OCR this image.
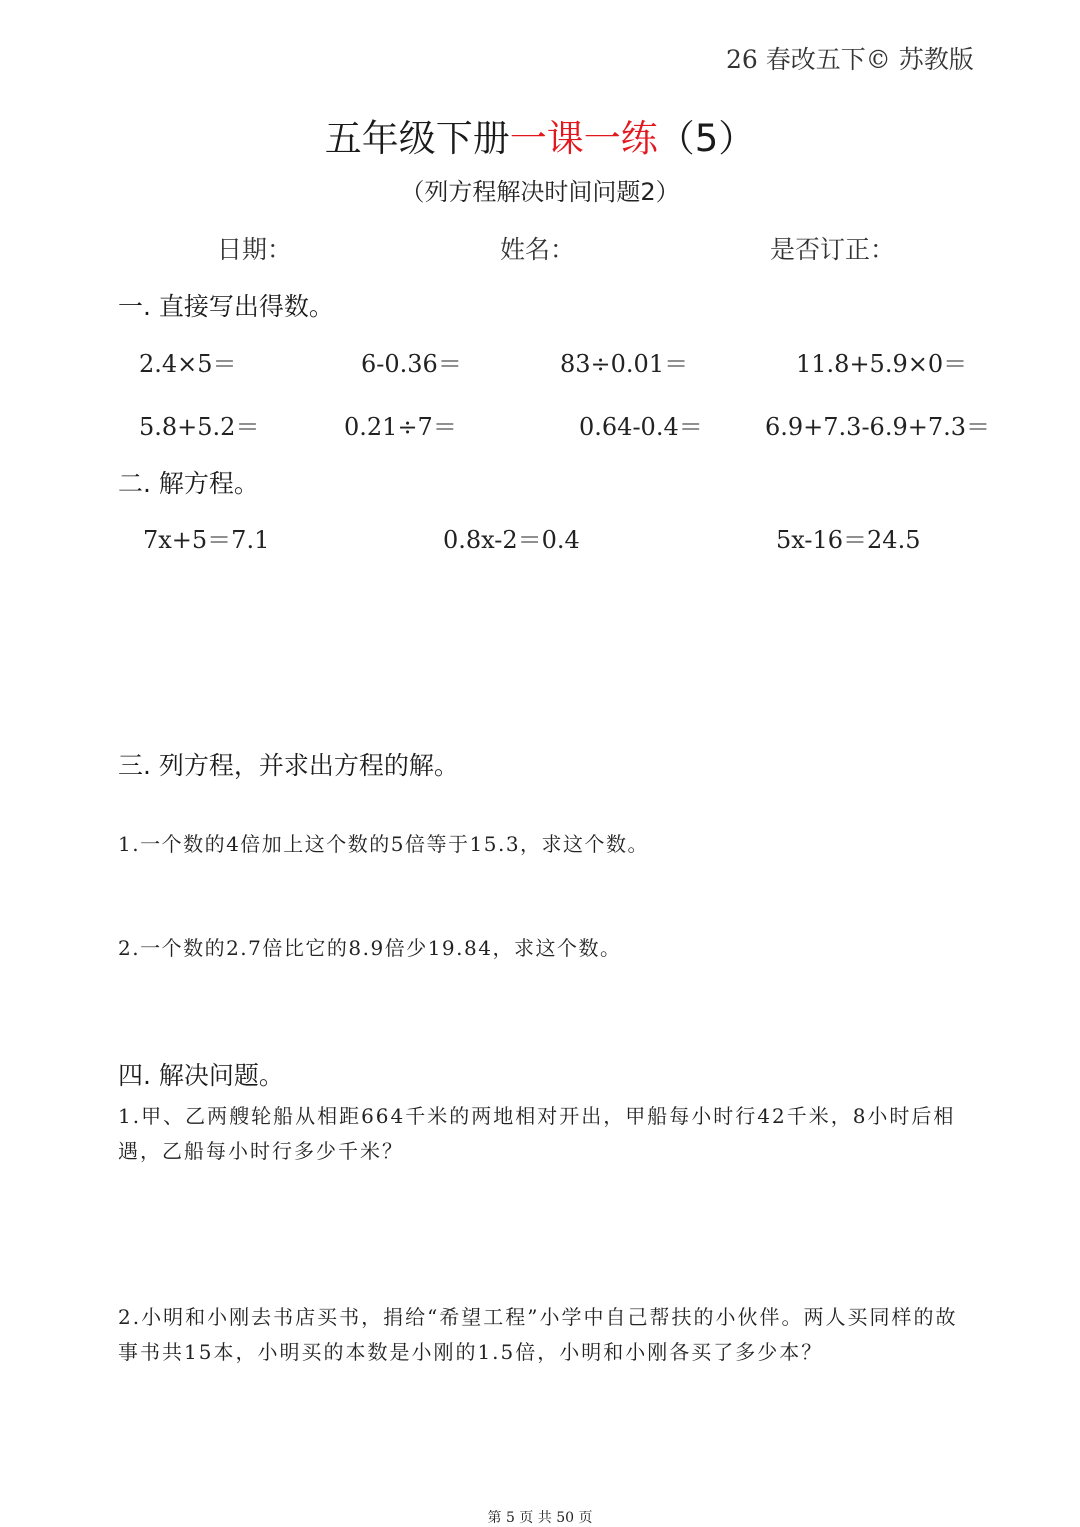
26 春改五下© 苏教版
五年级下册一课一练（5）
（列方程解决时间问题2）
日期：	姓名：	是否订正：
一. 直接写出得数。
2.4×5＝	6-0.36＝	83÷0.01＝	11.8+5.9×0＝
5.8+5.2＝	0.21÷7＝	0.64-0.4＝	6.9+7.3-6.9+7.3＝
二. 解方程。
7x+5＝7.1	0.8x-2＝0.4	5x-16＝24.5
三. 列方程，并求出方程的解。
1.一个数的4倍加上这个数的5倍等于15.3，求这个数。
2.一个数的2.7倍比它的8.9倍少19.84，求这个数。
四. 解决问题。
1.甲、乙两艘轮船从相距664千米的两地相对开出，甲船每小时行42千米，8小时后相遇，乙船每小时行多少千米？
2.小明和小刚去书店买书，捐给“希望工程”小学中自己帮扶的小伙伴。两人买同样的故事书共15本，小明买的本数是小刚的1.5倍，小明和小刚各买了多少本？
第 5 页 共 50 页
